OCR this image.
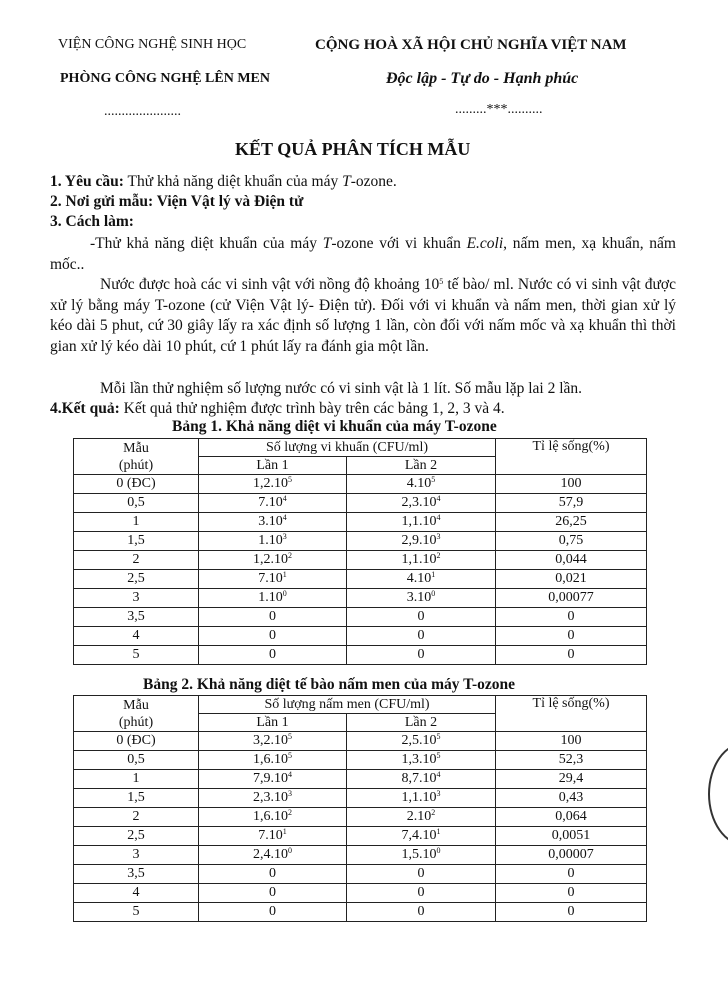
VIỆN CÔNG NGHỆ SINH HỌC
PHÒNG CÔNG NGHỆ LÊN MEN
......................
CỘNG HOÀ XÃ HỘI CHỦ NGHĨA VIỆT NAM
Độc lập - Tự do - Hạnh phúc
.........***..........
KẾT QUẢ PHÂN TÍCH MẪU
1. Yêu cầu: Thử khả năng diệt khuẩn của máy T-ozone.
2. Nơi gửi mẫu: Viện Vật lý và Điện tử
3. Cách làm:
-Thử khả năng diệt khuẩn của máy T-ozone với vi khuẩn E.coli, nấm men, xạ khuẩn, nấm mốc..
Nước được hoà các vi sinh vật với nồng độ khoảng $10^5$ tế bào/ ml. Nước có vi sinh vật được xử lý bằng máy T-ozone (cử Viện Vật lý- Điện tử). Đối với vi khuẩn và nấm men, thời gian xử lý kéo dài 5 phut, cứ 30 giây lấy ra xác định số lượng 1 lần, còn đối với nấm mốc và xạ khuẩn thì thời gian xử lý kéo dài 10 phút, cứ 1 phút lấy ra đánh gia một lần.
Mỗi lần thử nghiệm số lượng nước có vi sinh vật là 1 lít. Số mẫu lặp lai 2 lần.
4.Kết quả: Kết quả thử nghiệm được trình bày trên các bảng 1, 2, 3 và 4.
Bảng 1. Khả năng diệt vi khuẩn của máy T-ozone
Mẫu
(phút)	Số lượng vi khuẩn (CFU/ml)		Tỉ lệ sống(%)
	Lần 1	Lần 2	
0 (ĐC)	1,2.10$^5$	4.10$^5$	100
0,5	7.10$^4$	2,3.10$^4$	57,9
1	3.10$^4$	1,1.10$^4$	26,25
1,5	1.10$^3$	2,9.10$^3$	0,75
2	1,2.10$^2$	1,1.10$^2$	0,044
2,5	7.10$^1$	4.10$^1$	0,021
3	1.10$^0$	3.10$^0$	0,00077
3,5	0	0	0
4	0	0	0
5	0	0	0
Bảng 2. Khả năng diệt tế bào nấm men của máy T-ozone
Mẫu
(phút)	Số lượng nấm men (CFU/ml)		Tỉ lệ sống(%)
	Lần 1	Lần 2	
0 (ĐC)	3,2.10$^5$	2,5.10$^5$	100
0,5	1,6.10$^5$	1,3.10$^5$	52,3
1	7,9.10$^4$	8,7.10$^4$	29,4
1,5	2,3.10$^3$	1,1.10$^3$	0,43
2	1,6.10$^2$	2.10$^2$	0,064
2,5	7.10$^1$	7,4.10$^1$	0,0051
3	2,4.10$^0$	1,5.10$^0$	0,00007
3,5	0	0	0
4	0	0	0
5	0	0	0
